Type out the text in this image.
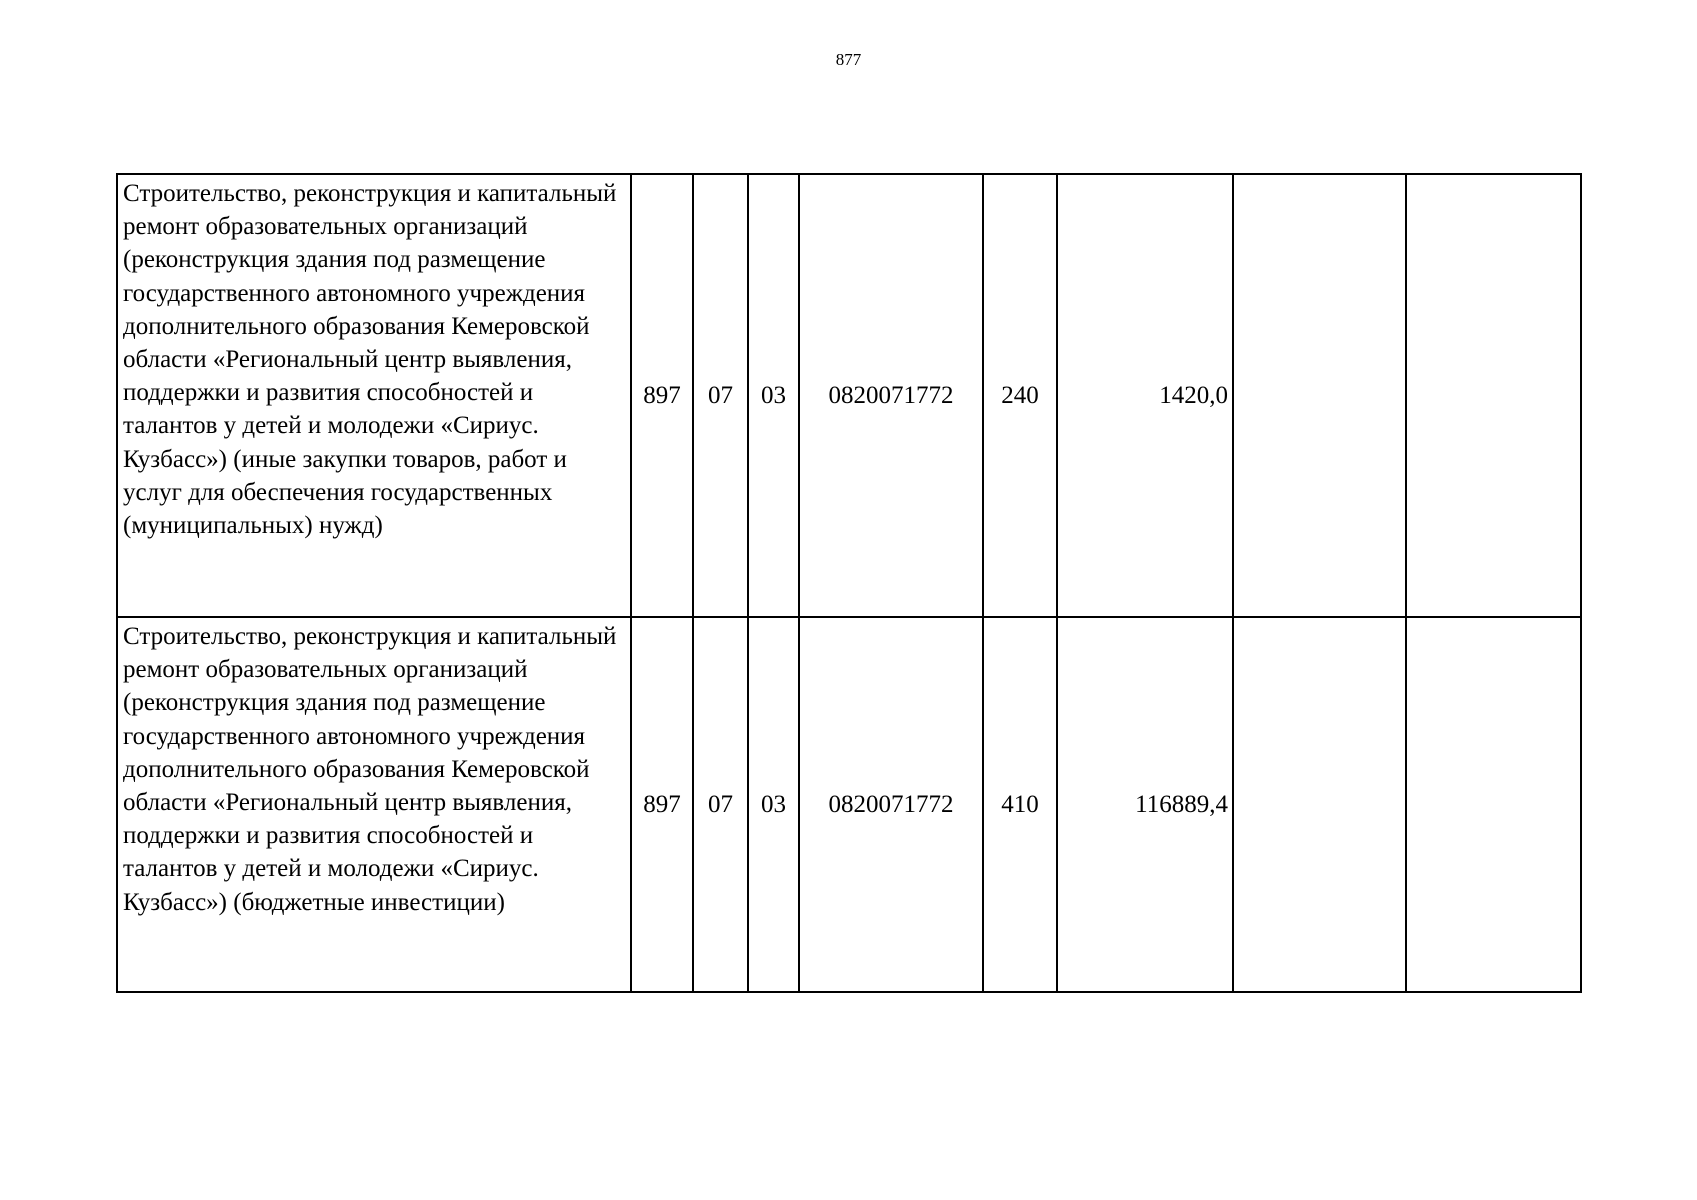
877
Строительство, реконструкция и капитальный ремонт образовательных организаций (реконструкция здания под размещение государственного автономного учреждения дополнительного образования Кемеровской области «Региональный центр выявления, поддержки и развития способностей и талантов у детей и молодежи «Сириус. Кузбасс») (иные закупки товаров, работ и услуг для обеспечения государственных (муниципальных) нужд)	897	07	03	0820071772	240	1420,0		
Строительство, реконструкция и капитальный ремонт образовательных организаций (реконструкция здания под размещение государственного автономного учреждения дополнительного образования Кемеровской области «Региональный центр выявления, поддержки и развития способностей и талантов у детей и молодежи «Сириус. Кузбасс») (бюджетные инвестиции)	897	07	03	0820071772	410	116889,4		
